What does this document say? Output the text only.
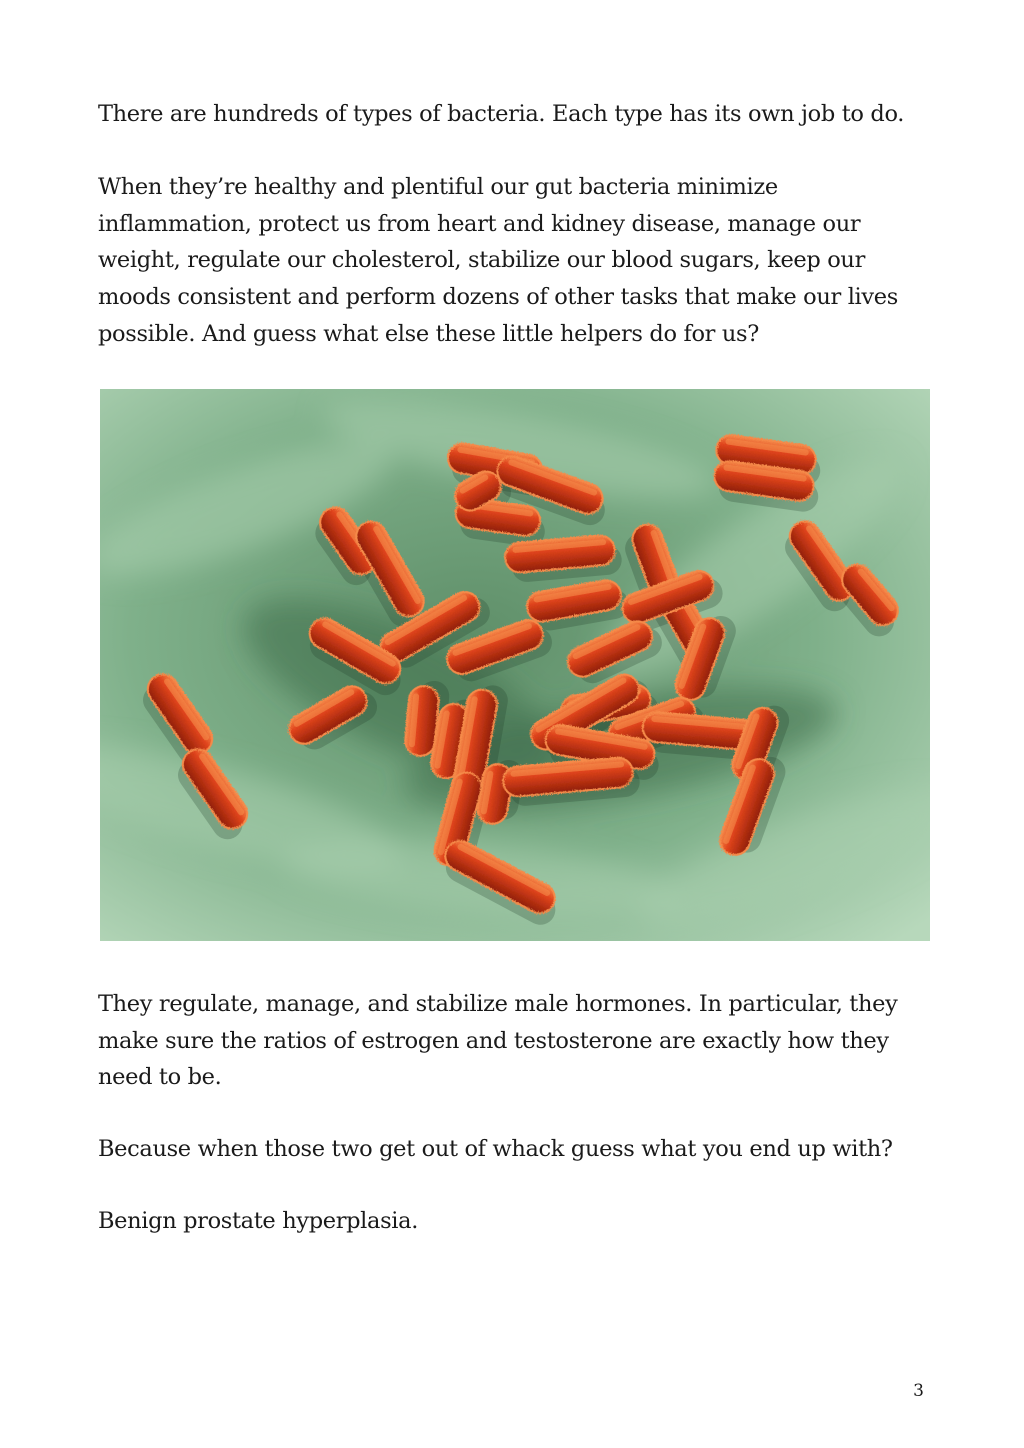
There are hundreds of types of bacteria. Each type has its own job to do.

When they’re healthy and plentiful our gut bacteria minimize inflammation, protect us from heart and kidney disease, manage our weight, regulate our cholesterol, stabilize our blood sugars, keep our moods consistent and perform dozens of other tasks that make our lives possible. And guess what else these little helpers do for us?

They regulate, manage, and stabilize male hormones. In particular, they make sure the ratios of estrogen and testosterone are exactly how they need to be.

Because when those two get out of whack guess what you end up with?

Benign prostate hyperplasia.

3
